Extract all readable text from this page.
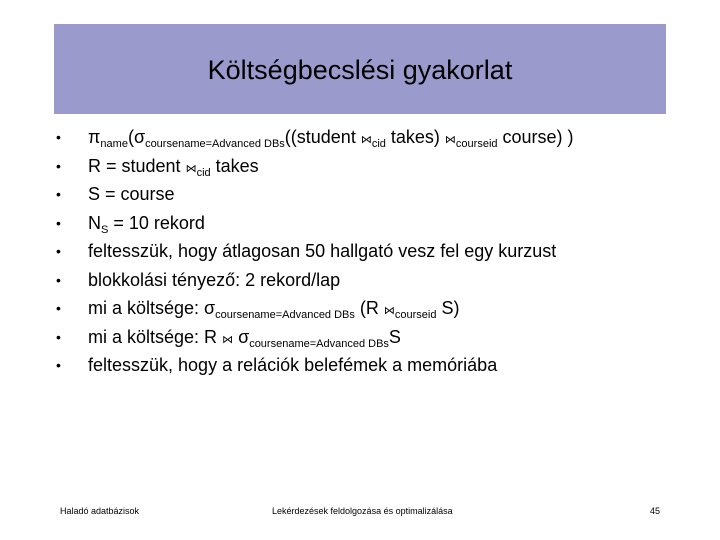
Költségbecslési gyakorlat
•	$\pi_{name}(\sigma_{coursename=Advanced DBs}((student$ $⋈_{cid}$ takes) $⋈_{courseid}$ course) )
•	R = student $⋈_{cid}$ takes
•	S = course
•	$N_S = 10$ rekord
•	feltesszük, hogy átlagosan 50 hallgató vesz fel egy kurzust
•	blokkolási tényező: 2 rekord/lap
•	mi a költsége: $\sigma_{coursename=Advanced DBs}$ (R $⋈_{courseid}$ S)
•	mi a költsége: R ⋈ $\sigma_{coursename=Advanced DBs}S$
•	feltesszük, hogy a relációk belefémek a memóriába
Haladó adatbázisok	Lekérdezések feldolgozása és optimalizálása	45
